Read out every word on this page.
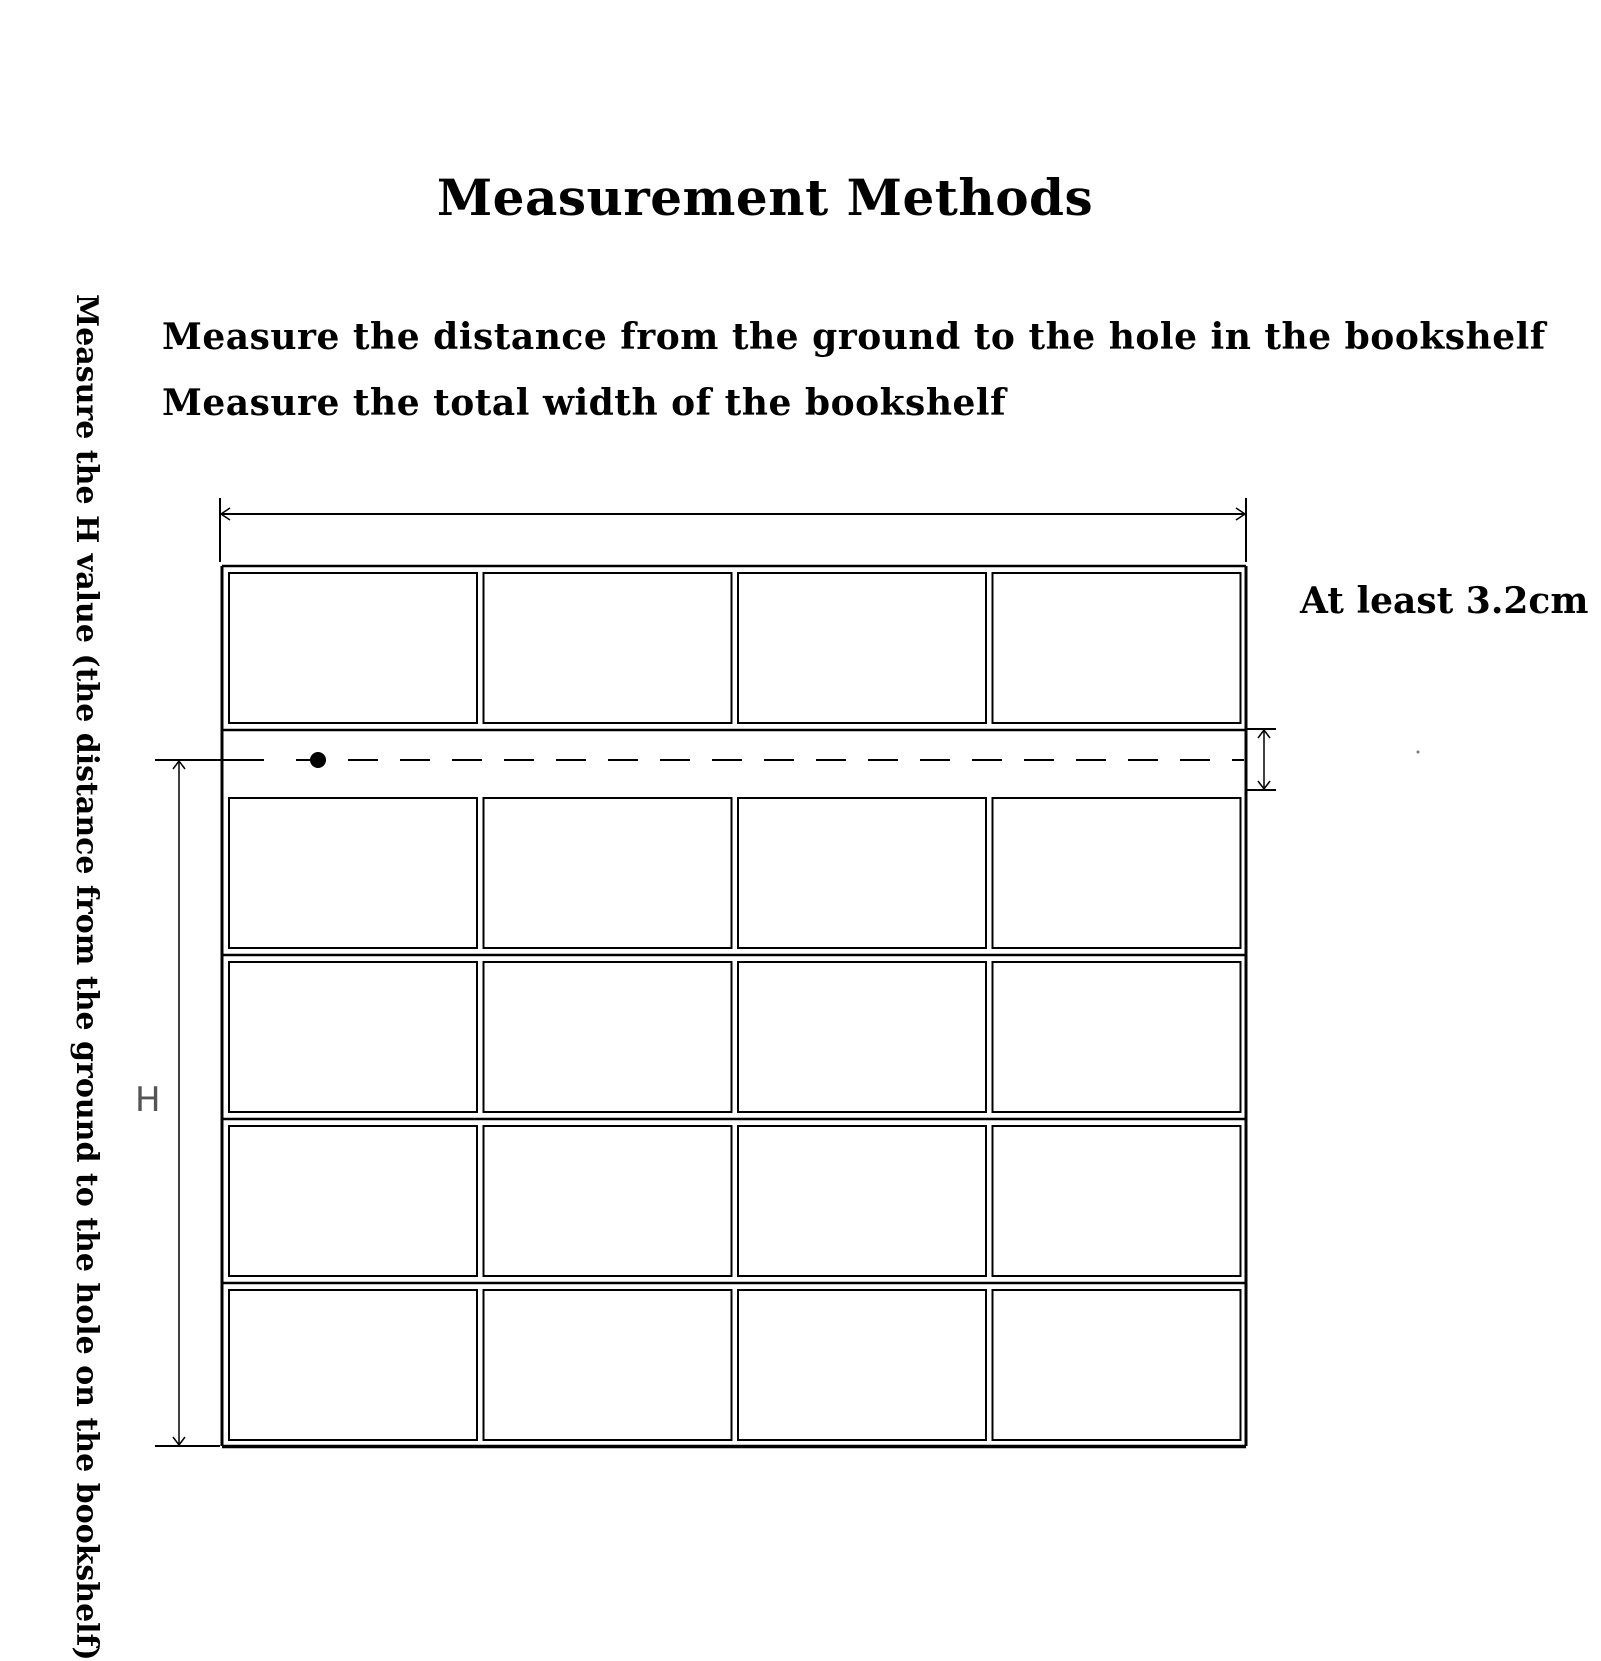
Measurement Methods
Measure the distance from the ground to the hole in the bookshelf
Measure the total width of the bookshelf
At least 3.2cm
Measure the H value (the distance from the ground to the hole on the bookshelf) H
